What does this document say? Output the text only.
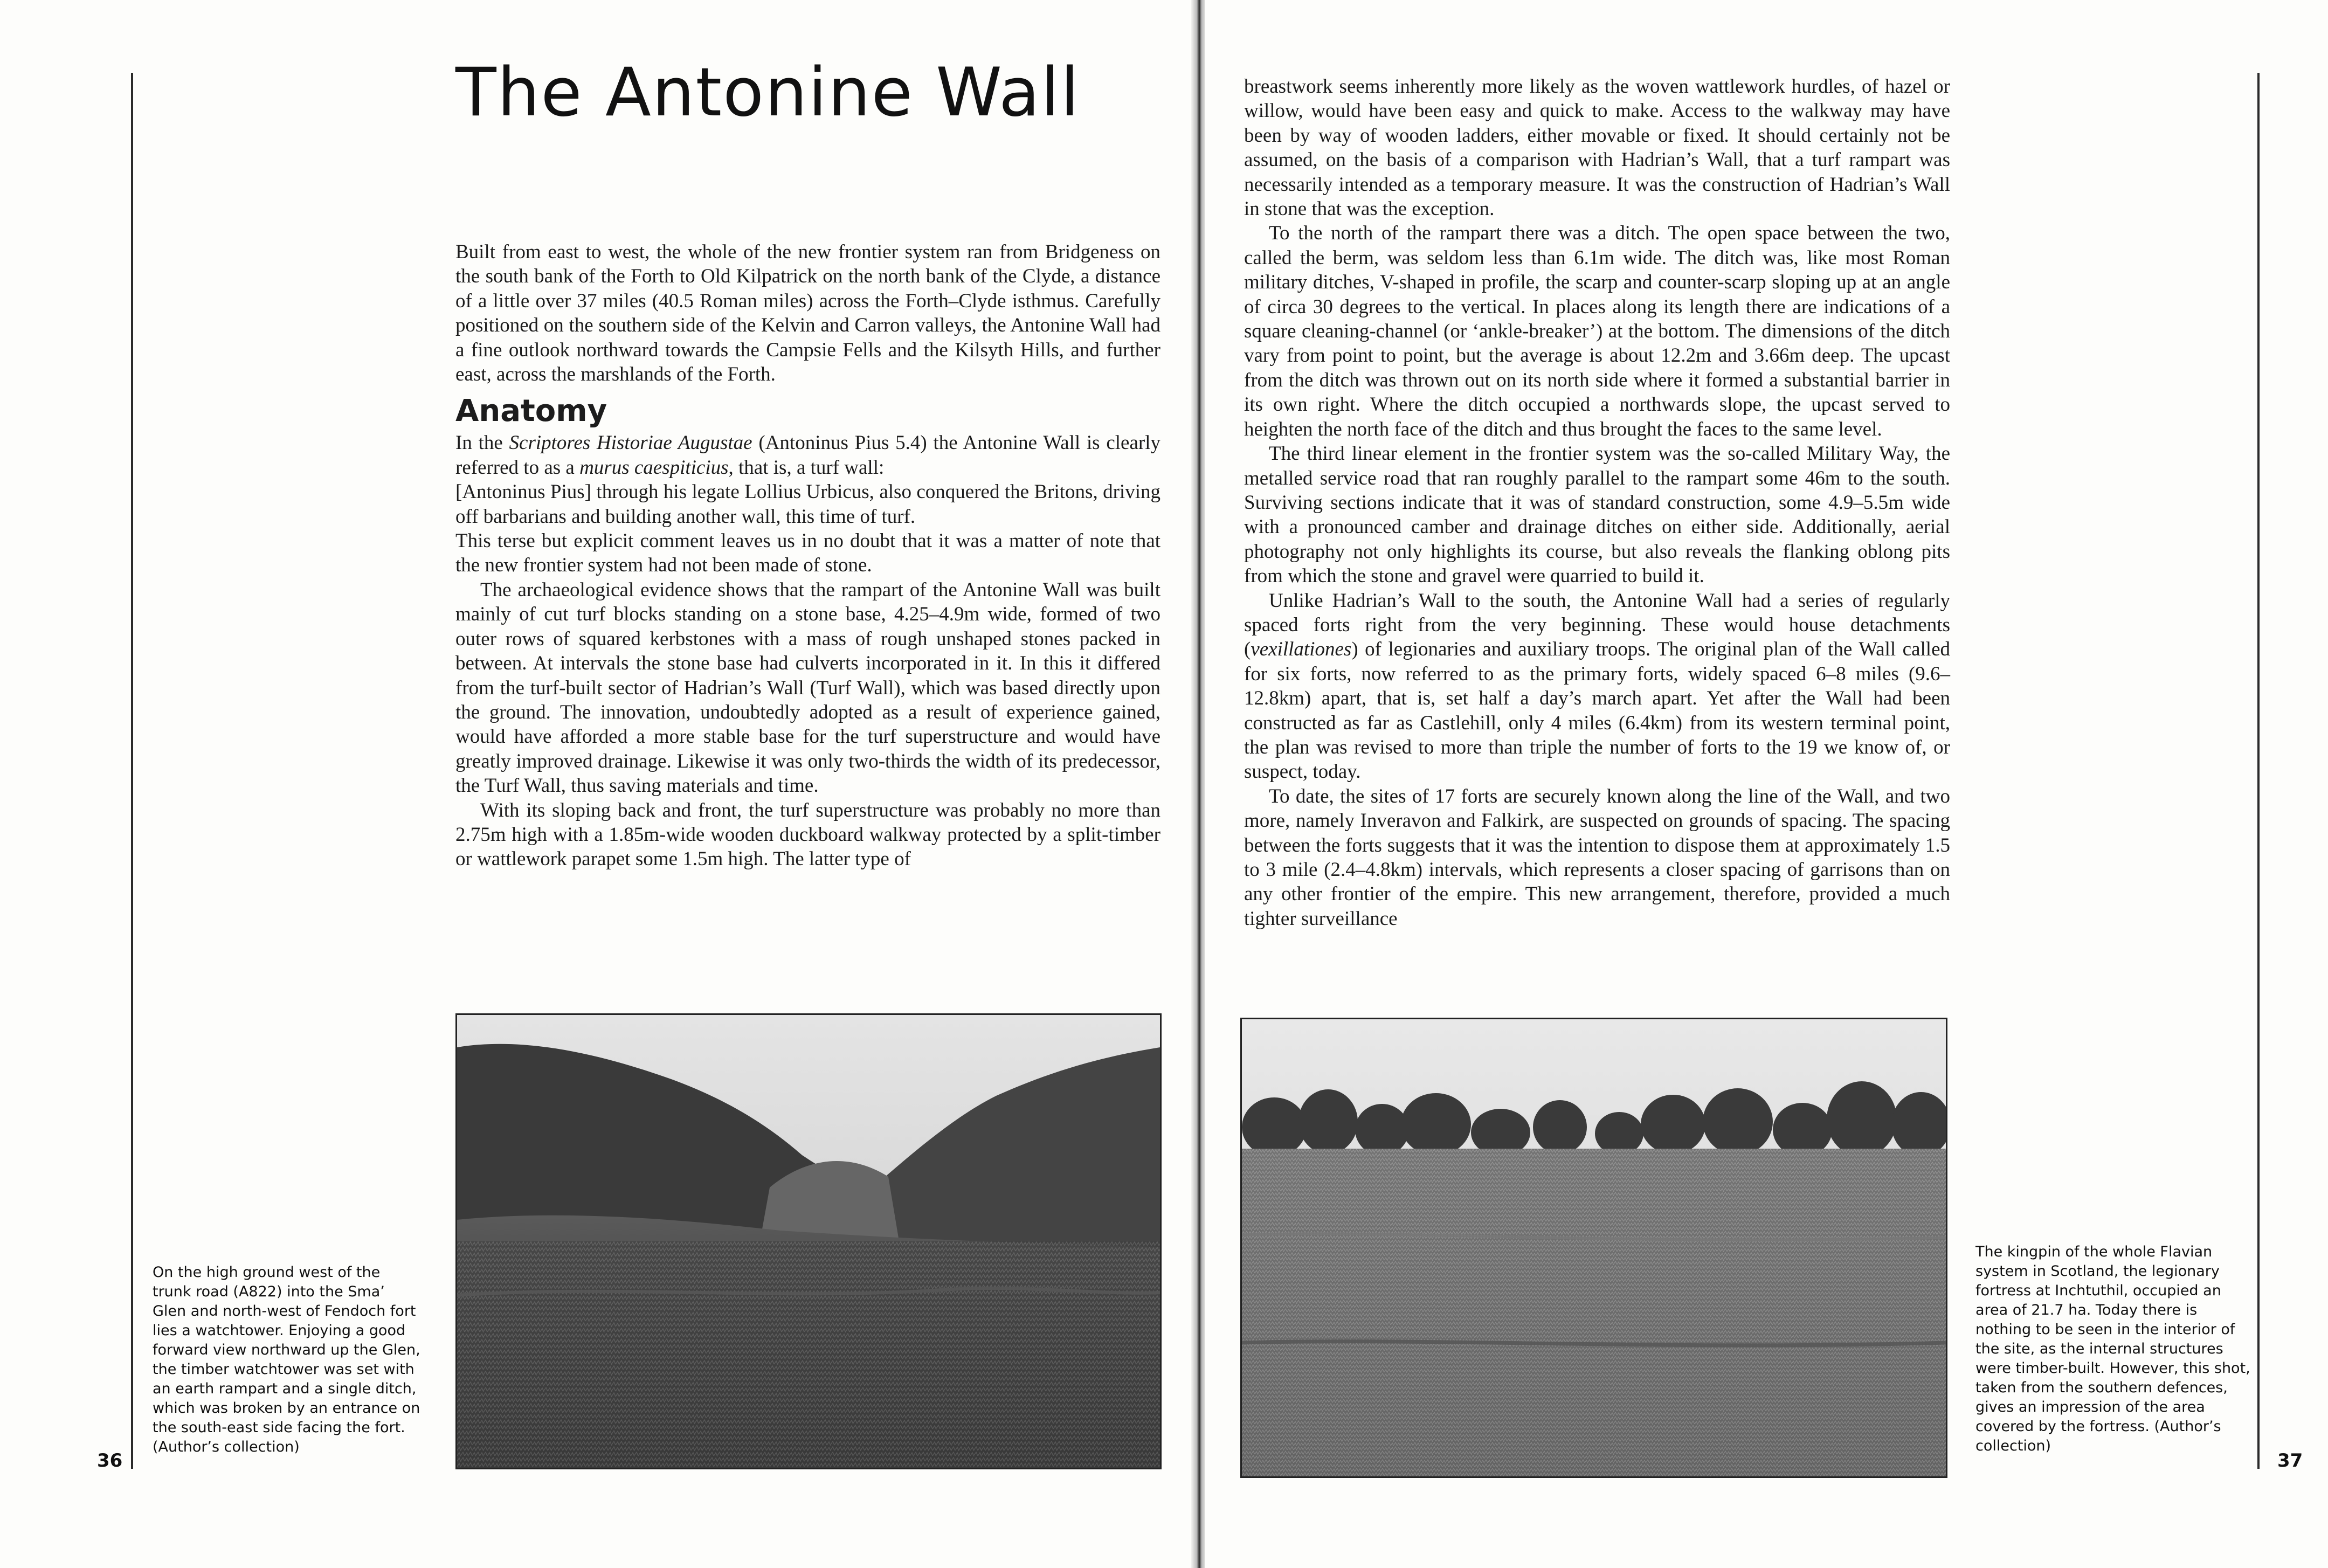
The Antonine Wall

Built from east to west, the whole of the new frontier system ran from Bridgeness on the south bank of the Forth to Old Kilpatrick on the north bank of the Clyde, a distance of a little over 37 miles (40.5 Roman miles) across the Forth–Clyde isthmus. Carefully positioned on the southern side of the Kelvin and Carron valleys, the Antonine Wall had a fine outlook northward towards the Campsie Fells and the Kilsyth Hills, and further east, across the marshlands of the Forth.

Anatomy

In the Scriptores Historiae Augustae (Antoninus Pius 5.4) the Antonine Wall is clearly referred to as a murus caespiticius, that is, a turf wall:

[Antoninus Pius] through his legate Lollius Urbicus, also conquered the Britons, driving off barbarians and building another wall, this time of turf.

This terse but explicit comment leaves us in no doubt that it was a matter of note that the new frontier system had not been made of stone.

The archaeological evidence shows that the rampart of the Antonine Wall was built mainly of cut turf blocks standing on a stone base, 4.25–4.9m wide, formed of two outer rows of squared kerbstones with a mass of rough unshaped stones packed in between. At intervals the stone base had culverts incorporated in it. In this it differed from the turf-built sector of Hadrian’s Wall (Turf Wall), which was based directly upon the ground. The innovation, undoubtedly adopted as a result of experience gained, would have afforded a more stable base for the turf superstructure and would have greatly improved drainage. Likewise it was only two-thirds the width of its predecessor, the Turf Wall, thus saving materials and time.

With its sloping back and front, the turf superstructure was probably no more than 2.75m high with a 1.85m-wide wooden duckboard walkway protected by a split-timber or wattlework parapet some 1.5m high. The latter type of

On the high ground west of the trunk road (A822) into the Sma’ Glen and north-west of Fendoch fort lies a watchtower. Enjoying a good forward view northward up the Glen, the timber watchtower was set with an earth rampart and a single ditch, which was broken by an entrance on the south-east side facing the fort. (Author’s collection)
36

breastwork seems inherently more likely as the woven wattlework hurdles, of hazel or willow, would have been easy and quick to make. Access to the walkway may have been by way of wooden ladders, either movable or fixed. It should certainly not be assumed, on the basis of a comparison with Hadrian’s Wall, that a turf rampart was necessarily intended as a temporary measure. It was the construction of Hadrian’s Wall in stone that was the exception.

To the north of the rampart there was a ditch. The open space between the two, called the berm, was seldom less than 6.1m wide. The ditch was, like most Roman military ditches, V-shaped in profile, the scarp and counter-scarp sloping up at an angle of circa 30 degrees to the vertical. In places along its length there are indications of a square cleaning-channel (or ‘ankle-breaker’) at the bottom. The dimensions of the ditch vary from point to point, but the average is about 12.2m and 3.66m deep. The upcast from the ditch was thrown out on its north side where it formed a substantial barrier in its own right. Where the ditch occupied a northwards slope, the upcast served to heighten the north face of the ditch and thus brought the faces to the same level.

The third linear element in the frontier system was the so-called Military Way, the metalled service road that ran roughly parallel to the rampart some 46m to the south. Surviving sections indicate that it was of standard construction, some 4.9–5.5m wide with a pronounced camber and drainage ditches on either side. Additionally, aerial photography not only highlights its course, but also reveals the flanking oblong pits from which the stone and gravel were quarried to build it.

Unlike Hadrian’s Wall to the south, the Antonine Wall had a series of regularly spaced forts right from the very beginning. These would house detachments (vexillationes) of legionaries and auxiliary troops. The original plan of the Wall called for six forts, now referred to as the primary forts, widely spaced 6–8 miles (9.6–12.8km) apart, that is, set half a day’s march apart. Yet after the Wall had been constructed as far as Castlehill, only 4 miles (6.4km) from its western terminal point, the plan was revised to more than triple the number of forts to the 19 we know of, or suspect, today.

To date, the sites of 17 forts are securely known along the line of the Wall, and two more, namely Inveravon and Falkirk, are suspected on grounds of spacing. The spacing between the forts suggests that it was the intention to dispose them at approximately 1.5 to 3 mile (2.4–4.8km) intervals, which represents a closer spacing of garrisons than on any other frontier of the empire. This new arrangement, therefore, provided a much tighter surveillance

The kingpin of the whole Flavian system in Scotland, the legionary fortress at Inchtuthil, occupied an area of 21.7 ha. Today there is nothing to be seen in the interior of the site, as the internal structures were timber-built. However, this shot, taken from the southern defences, gives an impression of the area covered by the fortress. (Author’s collection)
37
